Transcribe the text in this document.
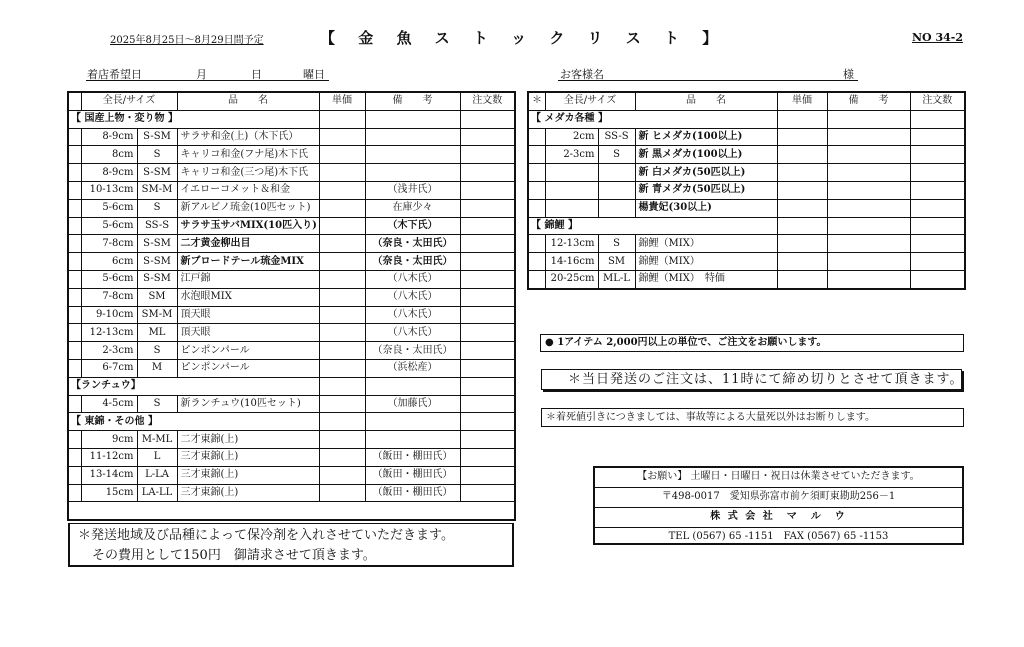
2025年8月25日～8月29日間予定	【 金 魚 ス ト ッ ク リ ス ト 】	NO 34-2
着店希望日	月	日	曜日	お客様名	様
	全長/サイズ		品　　名	単価	備　　考	注文数
【 国産上物・変り物 】						
	8-9cm	S-SM	サラサ和金(上)（木下氏）			
	8cm	S	キャリコ和金(フナ尾)木下氏			
	8-9cm	S-SM	キャリコ和金(三つ尾)木下氏			
	10-13cm	SM-M	イエローコメット＆和金		（浅井氏）	
	5-6cm	S	新アルビノ琉金(10匹セット)		在庫少々	
	5-6cm	SS-S	サラサ玉サバMIX(10匹入り)		（木下氏）	
	7-8cm	S-SM	二才黄金柳出目		（奈良・太田氏）	
	6cm	S-SM	新ブロードテール琉金MIX		（奈良・太田氏）	
	5-6cm	S-SM	江戸錦		（八木氏）	
	7-8cm	SM	水泡眼MIX		（八木氏）	
	9-10cm	SM-M	頂天眼		（八木氏）	
	12-13cm	ML	頂天眼		（八木氏）	
	2-3cm	S	ピンポンパール		（奈良・太田氏）	
	6-7cm	M	ピンポンパール		（浜松産）	
【ランチュウ】						
	4-5cm	S	新ランチュウ(10匹セット)		（加藤氏）	
【 東錦・その他 】						
	9cm	M-ML	二才東錦(上)			
	11-12cm	L	三才東錦(上)		（飯田・棚田氏）	
	13-14cm	L-LA	三才東錦(上)		（飯田・棚田氏）	
	15cm	LA-LL	三才東錦(上)		（飯田・棚田氏）	

＊	全長/サイズ		品　　名	単価	備　　考	注文数
【 メダカ各種 】						
	2cm	SS-S	新 ヒメダカ(100以上)			
	2-3cm	S	新 黒メダカ(100以上)			
			新 白メダカ(50匹以上)			
			新 青メダカ(50匹以上)			
			楊貴妃(30以上)			
【 錦鯉 】						
	12-13cm	S	錦鯉（MIX）			
	14-16cm	SM	錦鯉（MIX）			
	20-25cm	ML-L	錦鯉（MIX）　特価			
● 1アイテム 2,000円以上の単位で、ご注文をお願いします。
＊当日発送のご注文は、11時にて締め切りとさせて頂きます。
＊着死値引きにつきましては、事故等による大量死以外はお断りします。
＊発送地域及び品種によって保冷剤を入れさせていただきます。
その費用として150円　御請求させて頂きます。
【お願い】 土曜日・日曜日・祝日は休業させていただきます。
〒498-0017　愛知県弥富市前ケ須町東勘助256－1
株 式 会 社　マ　ル　ウ
TEL (0567) 65 -1151　FAX (0567) 65 -1153
